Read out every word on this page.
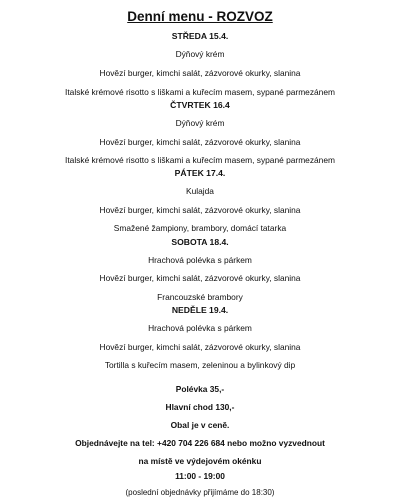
Denní menu - ROZVOZ
STŘEDA 15.4.
Dýňový krém
Hovězí burger, kimchi salát, zázvorové okurky, slanina
Italské krémové risotto s liškami a kuřecím masem, sypané parmezánem
ČTVRTEK 16.4
Dýňový krém
Hovězí burger, kimchi salát, zázvorové okurky, slanina
Italské krémové risotto s liškami a kuřecím masem, sypané parmezánem
PÁTEK 17.4.
Kulajda
Hovězí burger, kimchi salát, zázvorové okurky, slanina
Smažené žampiony, brambory, domácí tatarka
SOBOTA 18.4.
Hrachová polévka s párkem
Hovězí burger, kimchi salát, zázvorové okurky, slanina
Francouzské brambory
NEDĚLE 19.4.
Hrachová polévka s párkem
Hovězí burger, kimchi salát, zázvorové okurky, slanina
Tortilla s kuřecím masem, zeleninou a bylinkový dip
Polévka 35,-
Hlavní chod 130,-
Obal je v ceně.
Objednávejte na tel: +420 704 226 684 nebo možno vyzvednout
na místě ve výdejovém okénku
11:00 - 19:00
(poslední objednávky přijímáme do 18:30)
